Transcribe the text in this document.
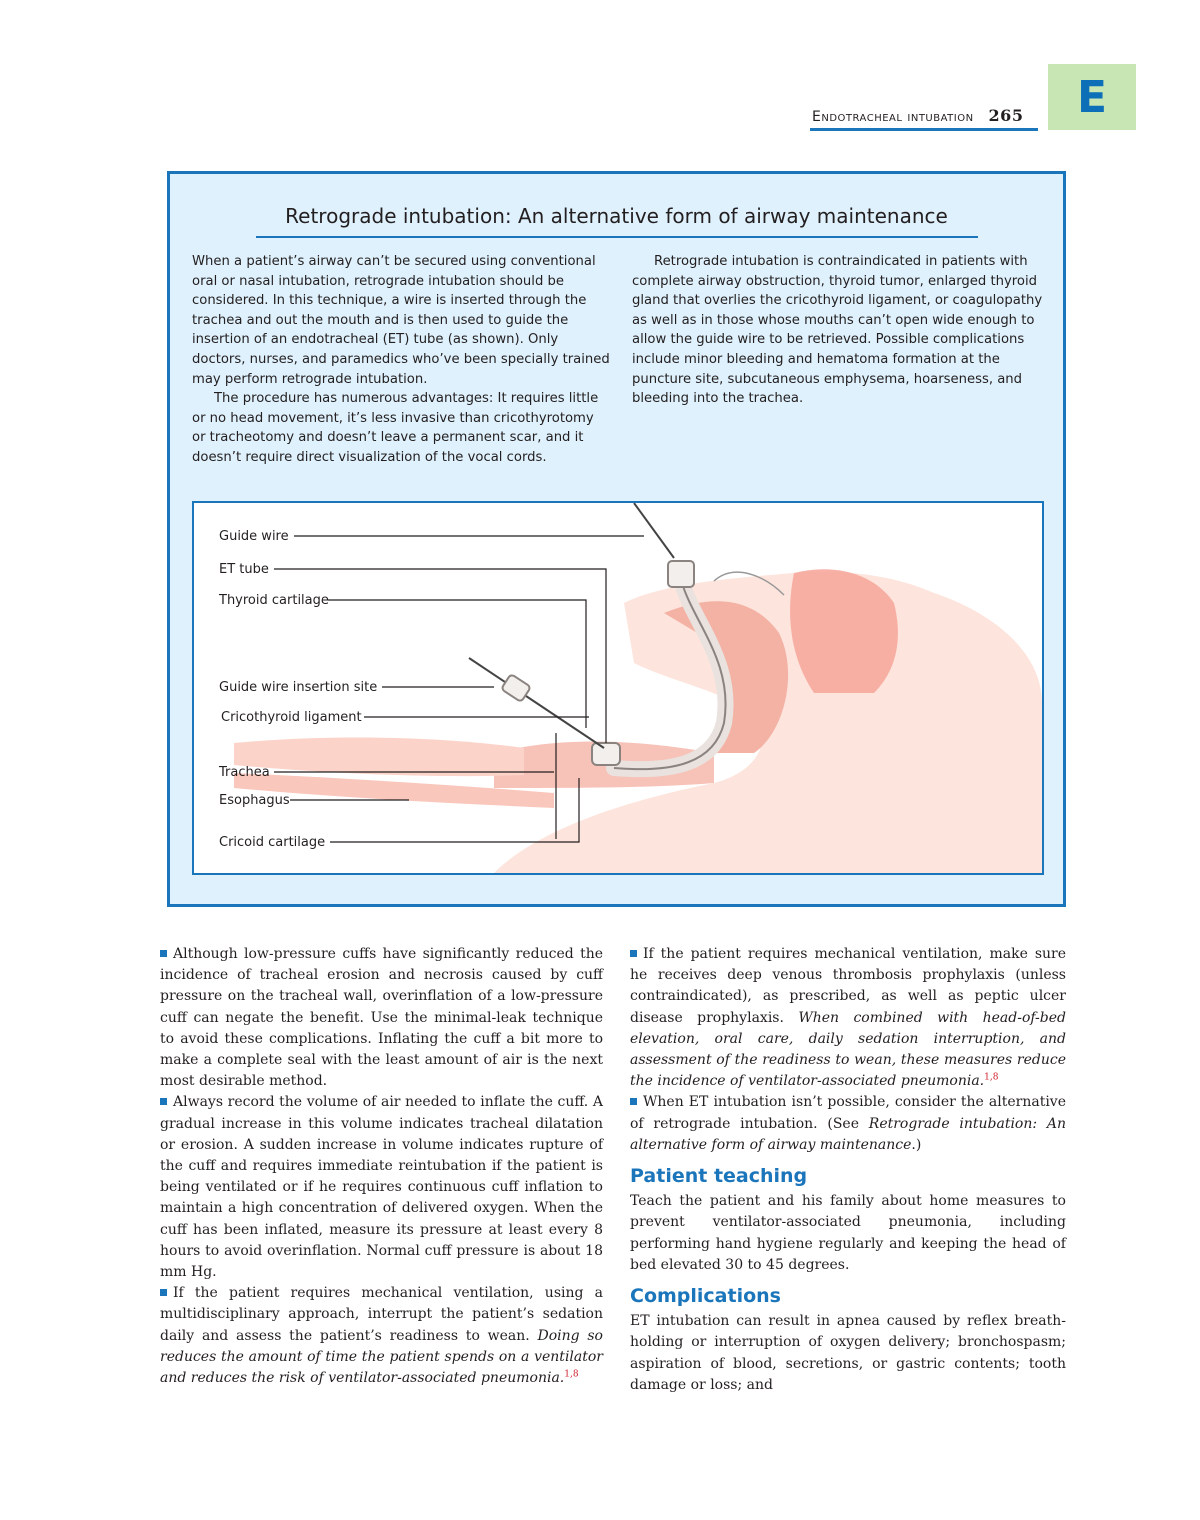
Endotracheal intubation 265	E
Retrograde intubation: An alternative form of airway maintenance

When a patient’s airway can’t be secured using conventional oral or nasal intubation, retrograde intubation should be considered. In this technique, a wire is inserted through the trachea and out the mouth and is then used to guide the insertion of an endotracheal (ET) tube (as shown). Only doctors, nurses, and paramedics who’ve been specially trained may perform retrograde intubation.

The procedure has numerous advantages: It requires little or no head movement, it’s less invasive than cricothyrotomy or tracheotomy and doesn’t leave a permanent scar, and it doesn’t require direct visualization of the vocal cords.

Retrograde intubation is contraindicated in patients with complete airway obstruction, thyroid tumor, enlarged thyroid gland that overlies the cricothyroid ligament, or coagulopathy as well as in those whose mouths can’t open wide enough to allow the guide wire to be retrieved. Possible complications include minor bleeding and hematoma formation at the puncture site, subcutaneous emphysema, hoarseness, and bleeding into the trachea.

Guide wire
ET tube
Thyroid cartilage
Guide wire insertion site
Cricothyroid ligament
Trachea
Esophagus
Cricoid cartilage

Although low-pressure cuffs have significantly reduced the incidence of tracheal erosion and necrosis caused by cuff pressure on the tracheal wall, overinflation of a low-pressure cuff can negate the benefit. Use the minimal-leak technique to avoid these complications. Inflating the cuff a bit more to make a complete seal with the least amount of air is the next most desirable method.

Always record the volume of air needed to inflate the cuff. A gradual increase in this volume indicates tracheal dilatation or erosion. A sudden increase in volume indicates rupture of the cuff and requires immediate reintubation if the patient is being ventilated or if he requires continuous cuff inflation to maintain a high concentration of delivered oxygen. When the cuff has been inflated, measure its pressure at least every 8 hours to avoid overinflation. Normal cuff pressure is about 18 mm Hg.

If the patient requires mechanical ventilation, using a multidisciplinary approach, interrupt the patient’s sedation daily and assess the patient’s readiness to wean. Doing so reduces the amount of time the patient spends on a ventilator and reduces the risk of ventilator-associated pneumonia.$^{1,8}$

If the patient requires mechanical ventilation, make sure he receives deep venous thrombosis prophylaxis (unless contraindicated), as prescribed, as well as peptic ulcer disease prophylaxis. When combined with head-of-bed elevation, oral care, daily sedation interruption, and assessment of the readiness to wean, these measures reduce the incidence of ventilator-associated pneumonia.$^{1,8}$

When ET intubation isn’t possible, consider the alternative of retrograde intubation. (See Retrograde intubation: An alternative form of airway maintenance.)

Patient teaching

Teach the patient and his family about home measures to prevent ventilator-associated pneumonia, including performing hand hygiene regularly and keeping the head of bed elevated 30 to 45 degrees.

Complications

ET intubation can result in apnea caused by reflex breath-holding or interruption of oxygen delivery; bronchospasm; aspiration of blood, secretions, or gastric contents; tooth damage or loss; and
